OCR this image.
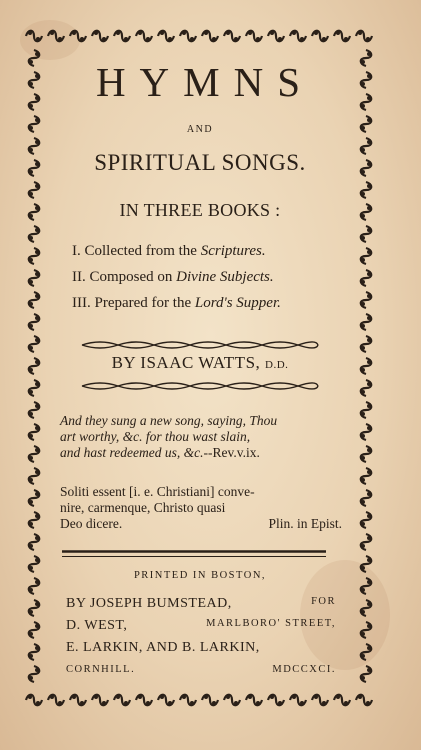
HYMNS
AND
SPIRITUAL SONGS.
IN THREE BOOKS :
I. Collected from the Scriptures.
II. Composed on Divine Subjects.
III. Prepared for the Lord's Supper.
BY ISAAC WATTS, D.D.
And they sung a new song, saying, Thou
art worthy, &c. for thou wast slain,
and hast redeemed us, &c.--Rev.v.ix.
Soliti essent [i. e. Christiani] conve-
nire, carmenque, Christo quasi
Deo dicere.	Plin. in Epist.
PRINTED IN BOSTON,
BY JOSEPH BUMSTEAD,	FOR
D. WEST,	MARLBORO' STREET,
E. LARKIN, AND B. LARKIN,
CORNHILL.	MDCCXCI.
